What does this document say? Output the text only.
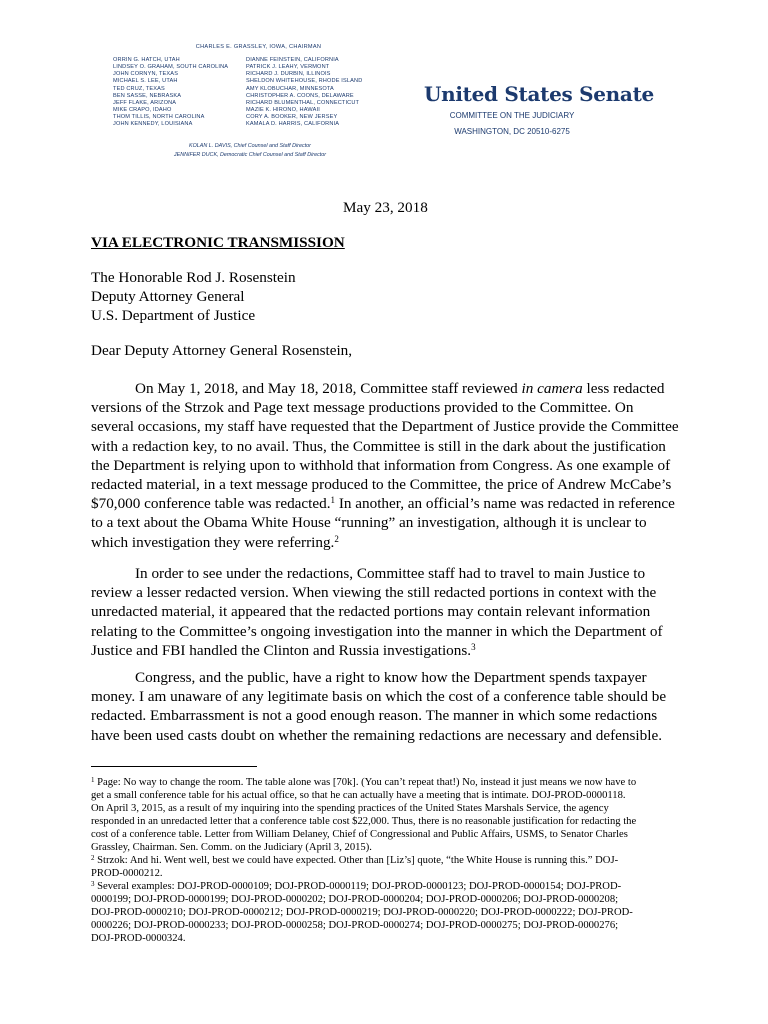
CHARLES E. GRASSLEY, IOWA, CHAIRMAN
ORRIN G. HATCH, UTAH
LINDSEY O. GRAHAM, SOUTH CAROLINA
JOHN CORNYN, TEXAS
MICHAEL S. LEE, UTAH
TED CRUZ, TEXAS
BEN SASSE, NEBRASKA
JEFF FLAKE, ARIZONA
MIKE CRAPO, IDAHO
THOM TILLIS, NORTH CAROLINA
JOHN KENNEDY, LOUISIANA
DIANNE FEINSTEIN, CALIFORNIA
PATRICK J. LEAHY, VERMONT
RICHARD J. DURBIN, ILLINOIS
SHELDON WHITEHOUSE, RHODE ISLAND
AMY KLOBUCHAR, MINNESOTA
CHRISTOPHER A. COONS, DELAWARE
RICHARD BLUMENTHAL, CONNECTICUT
MAZIE K. HIRONO, HAWAII
CORY A. BOOKER, NEW JERSEY
KAMALA D. HARRIS, CALIFORNIA
KOLAN L. DAVIS, Chief Counsel and Staff Director
JENNIFER DUCK, Democratic Chief Counsel and Staff Director
United States Senate
COMMITTEE ON THE JUDICIARY
WASHINGTON, DC 20510-6275
May 23, 2018
VIA ELECTRONIC TRANSMISSION
The Honorable Rod J. Rosenstein
Deputy Attorney General
U.S. Department of Justice
Dear Deputy Attorney General Rosenstein,
On May 1, 2018, and May 18, 2018, Committee staff reviewed in camera less redacted
versions of the Strzok and Page text message productions provided to the Committee. On
several occasions, my staff have requested that the Department of Justice provide the Committee
with a redaction key, to no avail. Thus, the Committee is still in the dark about the justification
the Department is relying upon to withhold that information from Congress. As one example of
redacted material, in a text message produced to the Committee, the price of Andrew McCabe’s
$70,000 conference table was redacted.$^1$ In another, an official’s name was redacted in reference
to a text about the Obama White House “running” an investigation, although it is unclear to
which investigation they were referring.$^2$
In order to see under the redactions, Committee staff had to travel to main Justice to
review a lesser redacted version. When viewing the still redacted portions in context with the
unredacted material, it appeared that the redacted portions may contain relevant information
relating to the Committee’s ongoing investigation into the manner in which the Department of
Justice and FBI handled the Clinton and Russia investigations.$^3$
Congress, and the public, have a right to know how the Department spends taxpayer
money. I am unaware of any legitimate basis on which the cost of a conference table should be
redacted. Embarrassment is not a good enough reason. The manner in which some redactions
have been used casts doubt on whether the remaining redactions are necessary and defensible.
$^1$ Page: No way to change the room. The table alone was [70k]. (You can’t repeat that!) No, instead it just means we now have to
get a small conference table for his actual office, so that he can actually have a meeting that is intimate. DOJ-PROD-0000118.
On April 3, 2015, as a result of my inquiring into the spending practices of the United States Marshals Service, the agency
responded in an unredacted letter that a conference table cost $22,000. Thus, there is no reasonable justification for redacting the
cost of a conference table. Letter from William Delaney, Chief of Congressional and Public Affairs, USMS, to Senator Charles
Grassley, Chairman. Sen. Comm. on the Judiciary (April 3, 2015).
$^2$ Strzok: And hi. Went well, best we could have expected. Other than [Liz’s] quote, “the White House is running this.” DOJ-
PROD-0000212.
$^3$ Several examples: DOJ-PROD-0000109; DOJ-PROD-0000119; DOJ-PROD-0000123; DOJ-PROD-0000154; DOJ-PROD-
0000199; DOJ-PROD-0000199; DOJ-PROD-0000202; DOJ-PROD-0000204; DOJ-PROD-0000206; DOJ-PROD-0000208;
DOJ-PROD-0000210; DOJ-PROD-0000212; DOJ-PROD-0000219; DOJ-PROD-0000220; DOJ-PROD-0000222; DOJ-PROD-
0000226; DOJ-PROD-0000233; DOJ-PROD-0000258; DOJ-PROD-0000274; DOJ-PROD-0000275; DOJ-PROD-0000276;
DOJ-PROD-0000324.
